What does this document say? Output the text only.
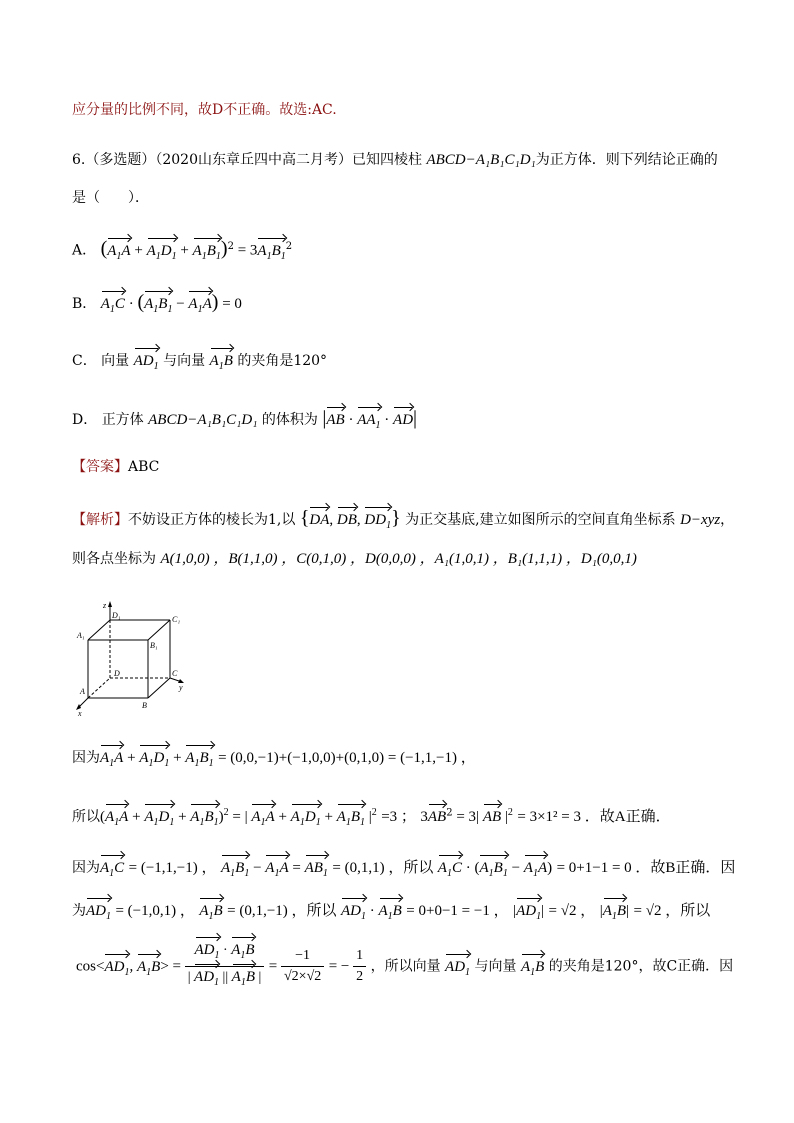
应分量的比例不同，故D不正确。故选:AC.
6.（多选题）（2020山东章丘四中高二月考）已知四棱柱 ABCD−A₁B₁C₁D₁为正方体．则下列结论正确的
是（　　）．
A． $(A_1A + A_1D_1 + A_1B_1)^2 = 3A_1B_1^2$
B． $A_1C \cdot (A_1B_1 - A_1A) = 0$
C． 向量 $AD_1$ 与向量 $A_1B$ 的夹角是120°
D． 正方体 ABCD−A₁B₁C₁D₁ 的体积为 $|AB \cdot AA_1 \cdot AD|$
【答案】ABC
【解析】不妨设正方体的棱长为1,以 {DA, DB, $DD_1$} 为正交基底,建立如图所示的空间直角坐标系 D−xyz，
则各点坐标为 A(1,0,0) ，B(1,1,0) ，C(0,1,0) ，D(0,0,0) ，A₁(1,0,1) ，B₁(1,1,1) ，D₁(0,0,1)
z
D₁	C₁
A₁
B₁
D	C
y
A
B
x
因为$A_1A + A_1D_1 + A_1B_1 = (0,0,-1)+(-1,0,0)+(0,1,0) = (-1,1,-1)$ ，
所以$(A_1A + A_1D_1 + A_1B_1)^2$ = | $A_1A + A_1D_1 + A_1B_1$ $|^2 =3$ ； $3AB^2 = 3|$ AB $|^2 = 3\times 1^2 = 3$ ．故A正确．
因为$A_1C = (-1,1,-1)$ ， $A_1B_1 - A_1A = AB_1 = (0,1,1)$ ，所以 $A_1C \cdot (A_1B_1 - A_1A) = 0+1-1 = 0$ ．故B正确．因
为$AD_1 = (-1,0,1)$ ， $A_1B = (0,1,-1)$ ，所以 $AD_1 \cdot A_1B = 0+0-1 = -1$ ， $|AD_1| = √2$ ， $|A_1B| = √2$ ，所以
$\cos<AD_1$, $A_1B> = \frac{AD_1 \cdot A_1B}{| AD_1 || A_1B |} = \frac{-1}{√2\times√2}$ = − $\frac{1}{2}$ ，所以向量 $AD_1$ 与向量 $A_1B$ 的夹角是120°，故C正确．因
